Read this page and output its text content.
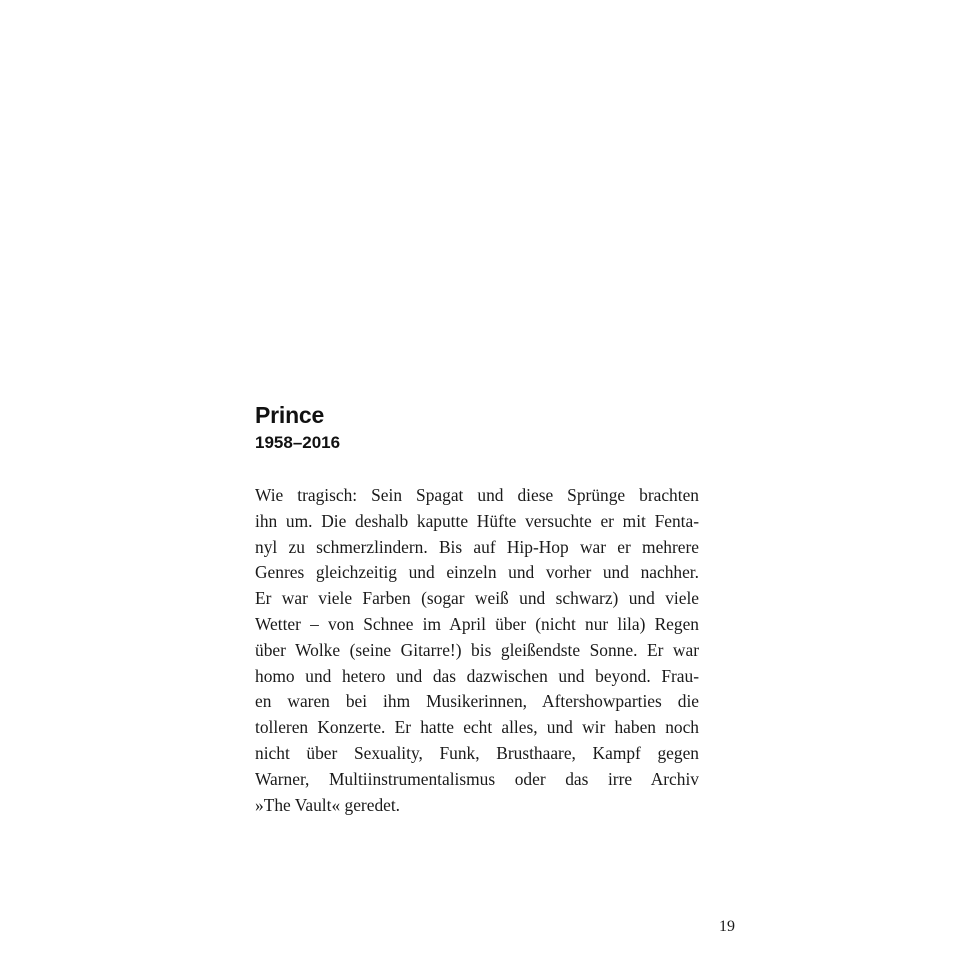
Prince
1958–2016
Wie tragisch: Sein Spagat und diese Sprünge brachten
ihn um. Die deshalb kaputte Hüfte versuchte er mit Fenta-
nyl zu schmerzlindern. Bis auf Hip-Hop war er mehrere
Genres gleichzeitig und einzeln und vorher und nachher.
Er war viele Farben (sogar weiß und schwarz) und viele
Wetter – von Schnee im April über (nicht nur lila) Regen
über Wolke (seine Gitarre!) bis gleißendste Sonne. Er war
homo und hetero und das dazwischen und beyond. Frau-
en waren bei ihm Musikerinnen, Aftershowparties die
tolleren Konzerte. Er hatte echt alles, und wir haben noch
nicht über Sexuality, Funk, Brusthaare, Kampf gegen
Warner, Multiinstrumentalismus oder das irre Archiv
»The Vault« geredet.
19
